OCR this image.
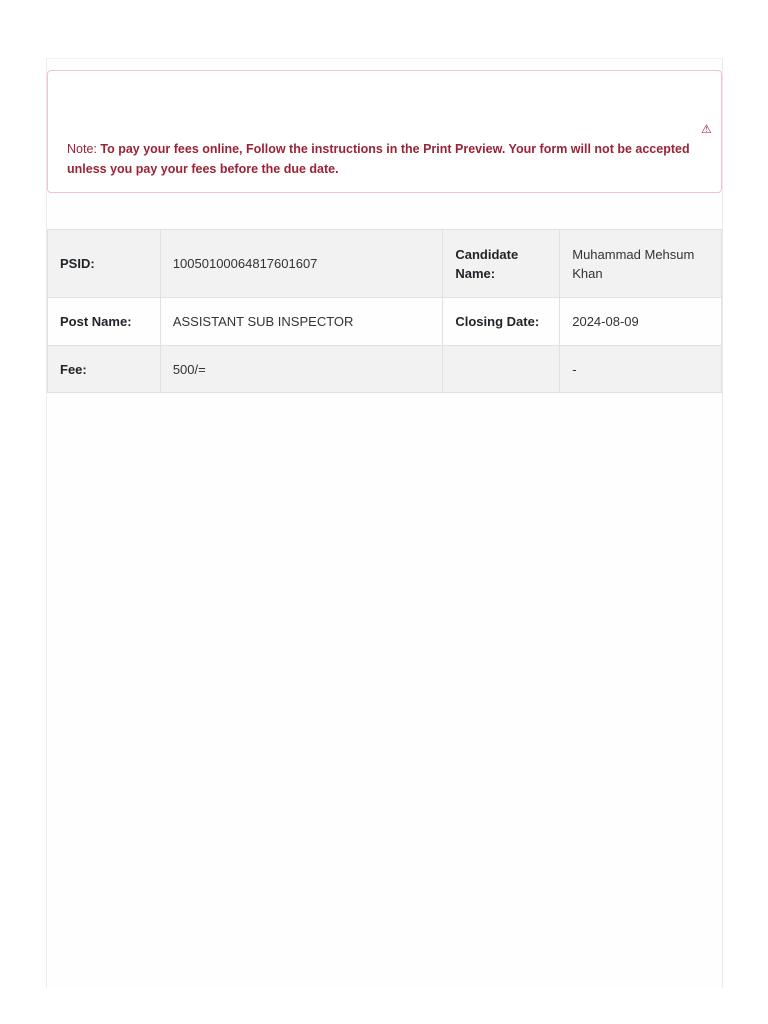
⚠Note: To pay your fees online, Follow the instructions in the Print Preview. Your form will not be accepted unless you pay your fees before the due date.
PSID:	10050100064817601607	Candidate Name:	Muhammad Mehsum Khan
Post Name:	ASSISTANT SUB INSPECTOR	Closing Date:	2024-08-09
Fee:	500/=		-
